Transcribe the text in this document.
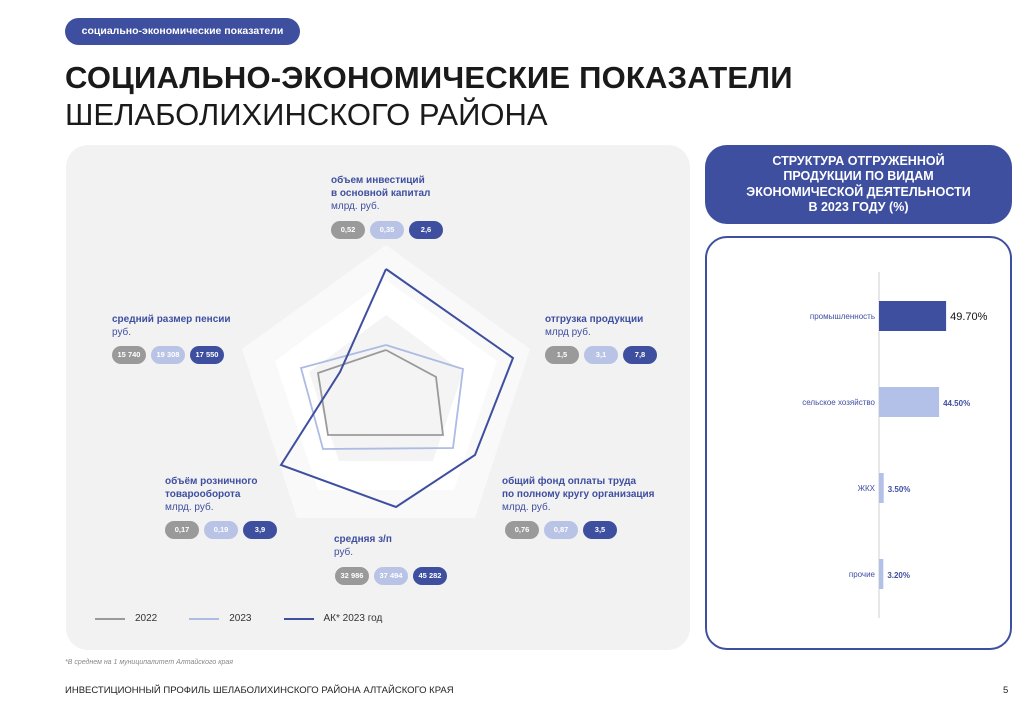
социально-экономические показатели
СОЦИАЛЬНО-ЭКОНОМИЧЕСКИЕ ПОКАЗАТЕЛИ
ШЕЛАБОЛИХИНСКОГО РАЙОНА
объем инвестиций
в основной капитал
млрд. руб.
0,52	0,35	2,6
отгрузка продукции
млрд руб.
1,5	3,1	7,8
общий фонд оплаты труда
по полному кругу организация
млрд. руб.
0,76	0,87	3,5
средняя з/п
руб.
32 986	37 494	45 282
объём розничного
товарооборота
млрд. руб.
0,17	0,19	3,9
средний размер пенсии
руб.
15 740	19 308	17 550
2022	2023	АК* 2023 год
СТРУКТУРА ОТГРУЖЕННОЙ
ПРОДУКЦИИ ПО ВИДАМ
ЭКОНОМИЧЕСКОЙ ДЕЯТЕЛЬНОСТИ
В 2023 ГОДУ (%)
промышленность	49.70%
сельское хозяйство	44.50%
ЖКХ 3.50%
прочие 3.20%
*В среднем на 1 муниципалитет Алтайского края
ИНВЕСТИЦИОННЫЙ ПРОФИЛЬ ШЕЛАБОЛИХИНСКОГО РАЙОНА АЛТАЙСКОГО КРАЯ	5
